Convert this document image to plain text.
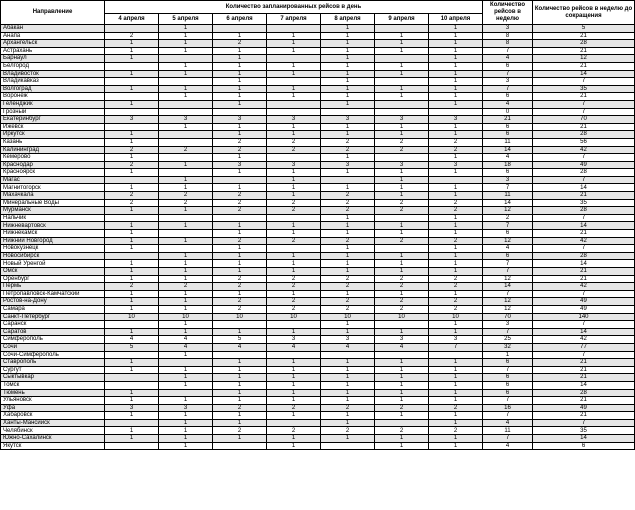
Направление	Количество запланированных рейсов в день							Количество рейсов в неделю	Количество рейсов в неделю до сокращения
	4 апреля	5 апреля	6 апреля	7 апреля	8 апреля	9 апреля	10 апреля		
Абакан		1			1		1	3	5
Анапа	2	1	1	1	1	1	1	8	21
Архангельск	1	1	2	1	1	1	1	8	28
Астрахань	1	1	1	1	1	1	1	7	21
Барнаул	1		1		1		1	4	12
Белгород		1	1	1	1	1	1	6	21
Владивосток	1	1	1	1	1	1	1	7	14
Владикавказ			1		1		1	3	7
Волгоград	1	1	1	1	1	1	1	7	35
Воронеж		1	1	1	1	1	1	6	21
Геленджик	1		1		1		1	4	7
Грозный								0	7
Екатеринбург	3	3	3	3	3	3	3	21	70
Ижевск		1	1	1	1	1	1	6	21
Иркутск	1		1	1	1	1	1	6	28
Казань	1		2	2	2	2	2	11	56
Калининград	2	2	2	2	2	2	2	14	42
Кемерово	1		1		1		1	4	7
Краснодар	2	1	3	3	3	3	3	18	49
Красноярск	1		1	1	1	1	1	6	28
Магас		1		1		1		3	7
Магнитогорск	1	1	1	1	1	1	1	7	14
Махачкала	2	2	2	1	2	1	1	11	21
Минеральные Воды	2	2	2	2	2	2	2	14	35
Мурманск	1	1	2	2	2	2	2	12	28
Нальчик					1		1	2	7
Нижневартовск	1	1	1	1	1	1	1	7	14
Нижнекамск	1		1	1	1	1	1	6	21
Нижний Новгород	1	1	2	2	2	2	2	12	42
Новокузнецк	1		1		1		1	4	7
Новосибирск		1	1	1	1	1	1	6	28
Новый Уренгой	1	1	1	1	1	1	1	7	14
Омск	1	1	1	1	1	1	1	7	21
Оренбург	1	1	2	2	2	2	2	12	21
Пермь	2	2	2	2	2	2	2	14	42
Петропавловск-Камчатский	1	1	1	1	1	1	1	7	7
Ростов-на-Дону	1	1	2	2	2	2	2	12	49
Самара	1	1	2	2	2	2	2	12	49
Санкт-Петербург	10	10	10	10	10	10	10	70	140
Саранск		1			1		1	3	7
Саратов	1	1	1	1	1	1	1	7	14
Симферополь	4	4	5	3	3	3	3	25	42
Сочи	5	4	4	4	4	4	7	32	77
Сочи-Симферополь		1						1	7
Ставрополь	1		1	1	1	1	1	6	21
Сургут	1	1	1	1	1	1	1	7	21
Сыктывкар		1	1	1	1	1	1	6	21
Томск		1	1	1	1	1	1	6	14
Тюмень	1		1	1	1	1	1	6	28
Ульяновск	1	1	1	1	1	1	1	7	21
Уфа	3	3	2	2	2	2	2	16	49
Хабаровск	1	1	1	1	1	1	1	7	21
Ханты-Мансийск		1	1		1		1	4	7
Челябинск	1	1	2	2	2	2	2	11	35
Южно-Сахалинск	1	1	1	1	1	1	1	7	14
Якутск		1		1		1	1	4	6
